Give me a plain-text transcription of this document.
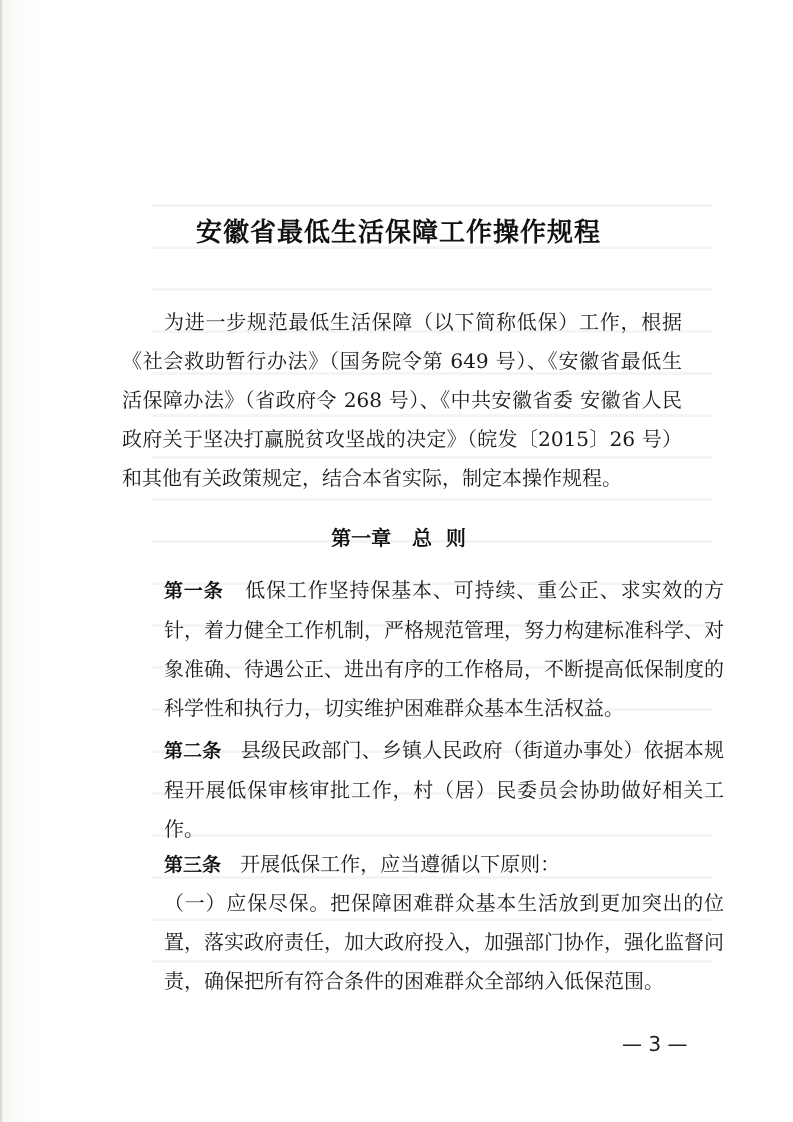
安徽省最低生活保障工作操作规程
为进一步规范最低生活保障（以下简称低保）工作，根据《社会救助暂行办法》（国务院令第 649 号）、《安徽省最低生活保障办法》（省政府令 268 号）、《中共安徽省委 安徽省人民政府关于坚决打赢脱贫攻坚战的决定》（皖发〔2015〕26 号）和其他有关政策规定，结合本省实际，制定本操作规程。
第一章 总  则
第一条 低保工作坚持保基本、可持续、重公正、求实效的方针，着力健全工作机制，严格规范管理，努力构建标准科学、对象准确、待遇公正、进出有序的工作格局，不断提高低保制度的科学性和执行力，切实维护困难群众基本生活权益。
第二条 县级民政部门、乡镇人民政府（街道办事处）依据本规程开展低保审核审批工作，村（居）民委员会协助做好相关工作。
第三条 开展低保工作，应当遵循以下原则：
（一）应保尽保。把保障困难群众基本生活放到更加突出的位置，落实政府责任，加大政府投入，加强部门协作，强化监督问责，确保把所有符合条件的困难群众全部纳入低保范围。
— 3 —
